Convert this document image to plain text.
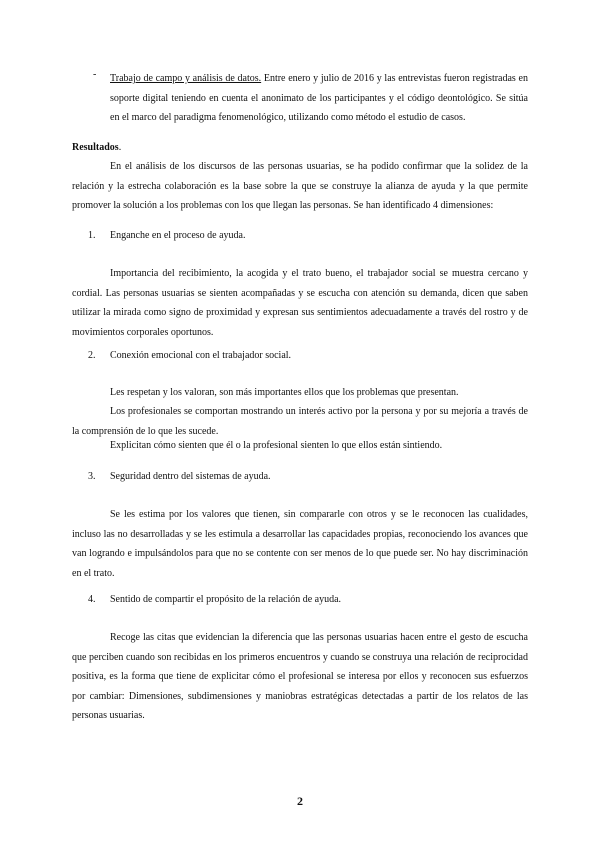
- Trabajo de campo y análisis de datos. Entre enero y julio de 2016 y las entrevistas fueron registradas en soporte digital teniendo en cuenta el anonimato de los participantes y el código deontológico. Se sitúa en el marco del paradigma fenomenológico, utilizando como método el estudio de casos.

Resultados.

En el análisis de los discursos de las personas usuarias, se ha podido confirmar que la solidez de la relación y la estrecha colaboración es la base sobre la que se construye la alianza de ayuda y la que permite promover la solución a los problemas con los que llegan las personas. Se han identificado 4 dimensiones:

1. Enganche en el proceso de ayuda.

Importancia del recibimiento, la acogida y el trato bueno, el trabajador social se muestra cercano y cordial. Las personas usuarias se sienten acompañadas y se escucha con atención su demanda, dicen que saben utilizar la mirada como signo de proximidad y expresan sus sentimientos adecuadamente a través del rostro y de movimientos corporales oportunos.

2. Conexión emocional con el trabajador social.

Les respetan y los valoran, son más importantes ellos que los problemas que presentan.

Los profesionales se comportan mostrando un interés activo por la persona y por su mejoría a través de la comprensión de lo que les sucede.

Explicitan cómo sienten que él o la profesional sienten lo que ellos están sintiendo.

3. Seguridad dentro del sistemas de ayuda.

Se les estima por los valores que tienen, sin compararle con otros y se le reconocen las cualidades, incluso las no desarrolladas y se les estimula a desarrollar las capacidades propias, reconociendo los avances que van logrando e impulsándolos para que no se contente con ser menos de lo que puede ser. No hay discriminación en el trato.

4. Sentido de compartir el propósito de la relación de ayuda.

Recoge las citas que evidencian la diferencia que las personas usuarias hacen entre el gesto de escucha que perciben cuando son recibidas en los primeros encuentros y cuando se construya una relación de reciprocidad positiva, es la forma que tiene de explicitar cómo el profesional se interesa por ellos y reconocen sus esfuerzos por cambiar: Dimensiones, subdimensiones y maniobras estratégicas detectadas a partir de los relatos de las personas usuarias.

2
